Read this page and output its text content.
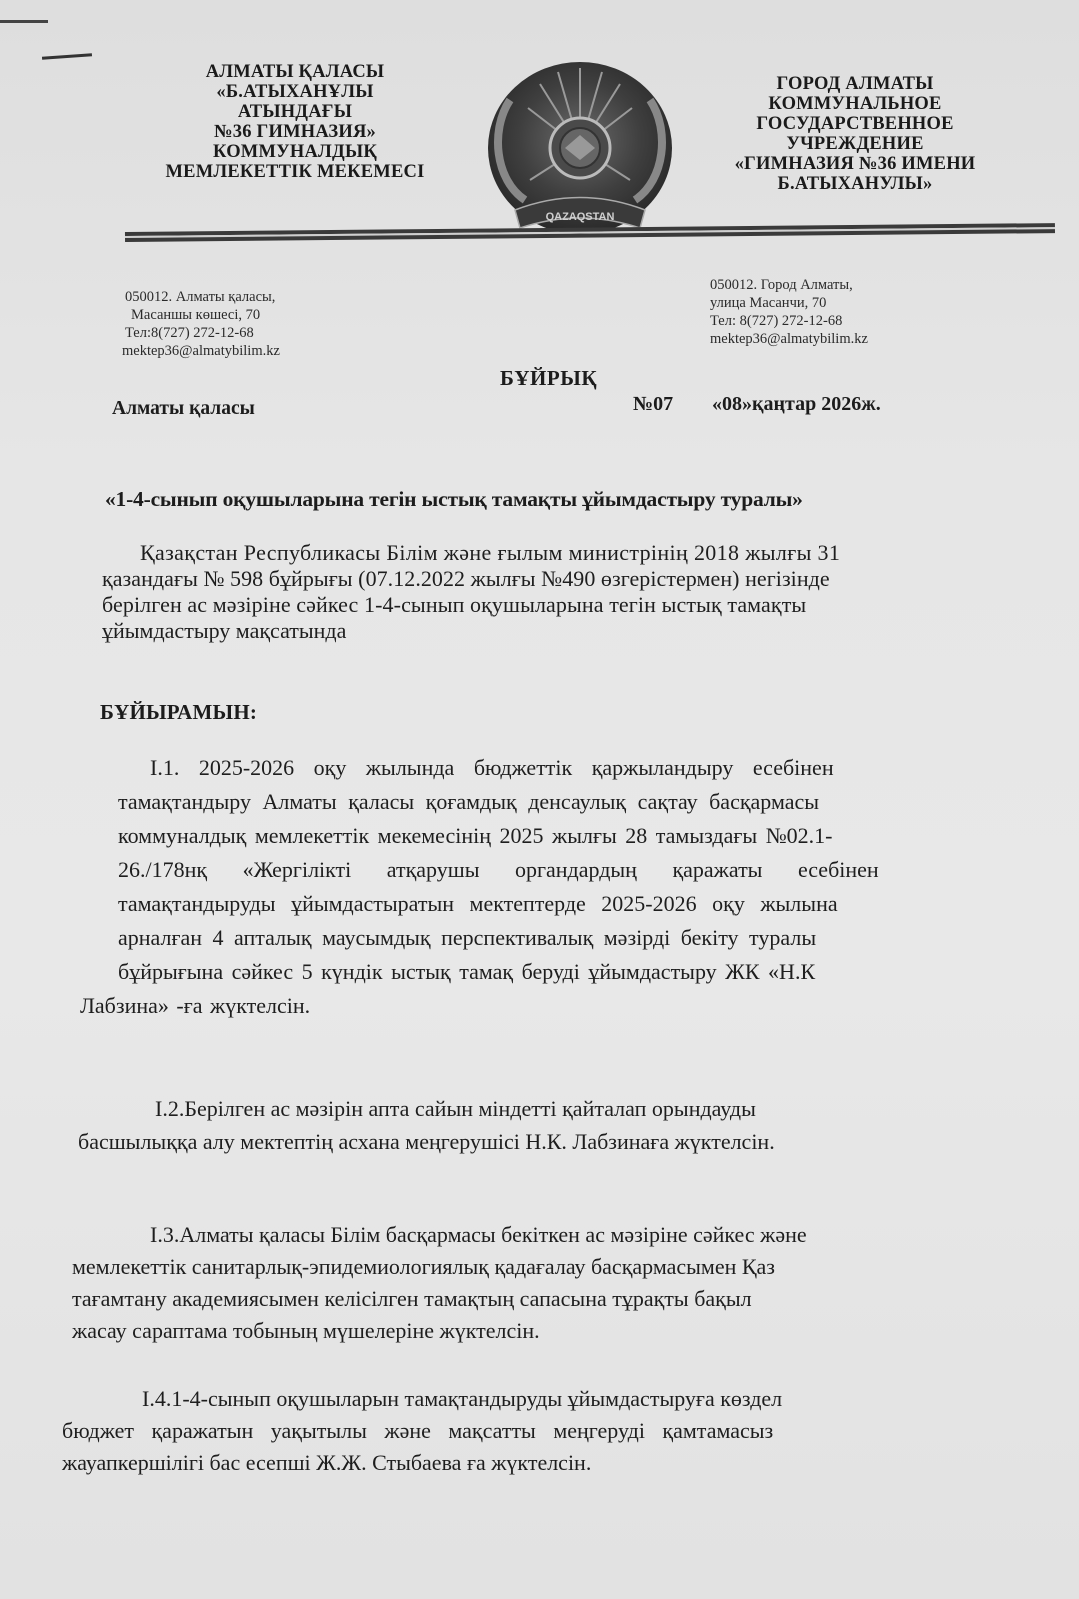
АЛМАТЫ ҚАЛАСЫ
«Б.АТЫХАНҰЛЫ
АТЫНДАҒЫ
№36 ГИМНАЗИЯ»
КОММУНАЛДЫҚ
МЕМЛЕКЕТТІК МЕКЕМЕСІ
QAZAQSTAN
ГОРОД АЛМАТЫ
КОММУНАЛЬНОЕ
ГОСУДАРСТВЕННОЕ
УЧРЕЖДЕНИЕ
«ГИМНАЗИЯ №36 ИМЕНИ
Б.АТЫХАНУЛЫ»
050012. Алматы қаласы,
Масаншы көшесі, 70
Тел:8(727) 272-12-68
mektep36@almatybilim.kz
050012. Город Алматы,
улица Масанчи, 70
Тел: 8(727) 272-12-68
mektep36@almatybilim.kz
БҰЙРЫҚ
Алматы қаласы	№07 «08»қаңтар 2026ж.
«1-4-сынып оқушыларына тегін ыстық тамақты ұйымдастыру туралы»
Қазақстан Республикасы Білім және ғылым министрінің 2018 жылғы 31
қазандағы № 598 бұйрығы (07.12.2022 жылғы №490 өзгерістермен) негізінде
берілген ас мәзіріне сәйкес 1-4-сынып оқушыларына тегін ыстық тамақты
ұйымдастыру мақсатында
БҰЙЫРАМЫН:
І.1. 2025-2026 оқу жылында бюджеттік қаржыландыру есебінен
тамақтандыру Алматы қаласы қоғамдық денсаулық сақтау басқармасы
коммуналдық мемлекеттік мекемесінің 2025 жылғы 28 тамыздағы №02.1-
26./178нқ «Жергілікті атқарушы органдардың қаражаты есебінен
тамақтандыруды ұйымдастыратын мектептерде 2025-2026 оқу жылына
арналған 4 апталық маусымдық перспективалық мәзірді бекіту туралы
бұйрығына сәйкес 5 күндік ыстық тамақ беруді ұйымдастыру ЖК «Н.К
Лабзина» -ға жүктелсін.
І.2.Берілген ас мәзірін апта сайын міндетті қайталап орындауды
басшылыққа алу мектептің асхана меңгерушісі Н.К. Лабзинаға жүктелсін.
І.3.Алматы қаласы Білім басқармасы бекіткен ас мәзіріне сәйкес және
мемлекеттік санитарлық-эпидемиологиялық қадағалау басқармасымен Қаз
тағамтану академиясымен келісілген тамақтың сапасына тұрақты бақыл
жасау сараптама тобының мүшелеріне жүктелсін.
І.4.1-4-сынып оқушыларын тамақтандыруды ұйымдастыруға көздел
бюджет қаражатын уақытылы және мақсатты меңгеруді қамтамасыз
жауапкершілігі бас есепші Ж.Ж. Стыбаева ға жүктелсін.
